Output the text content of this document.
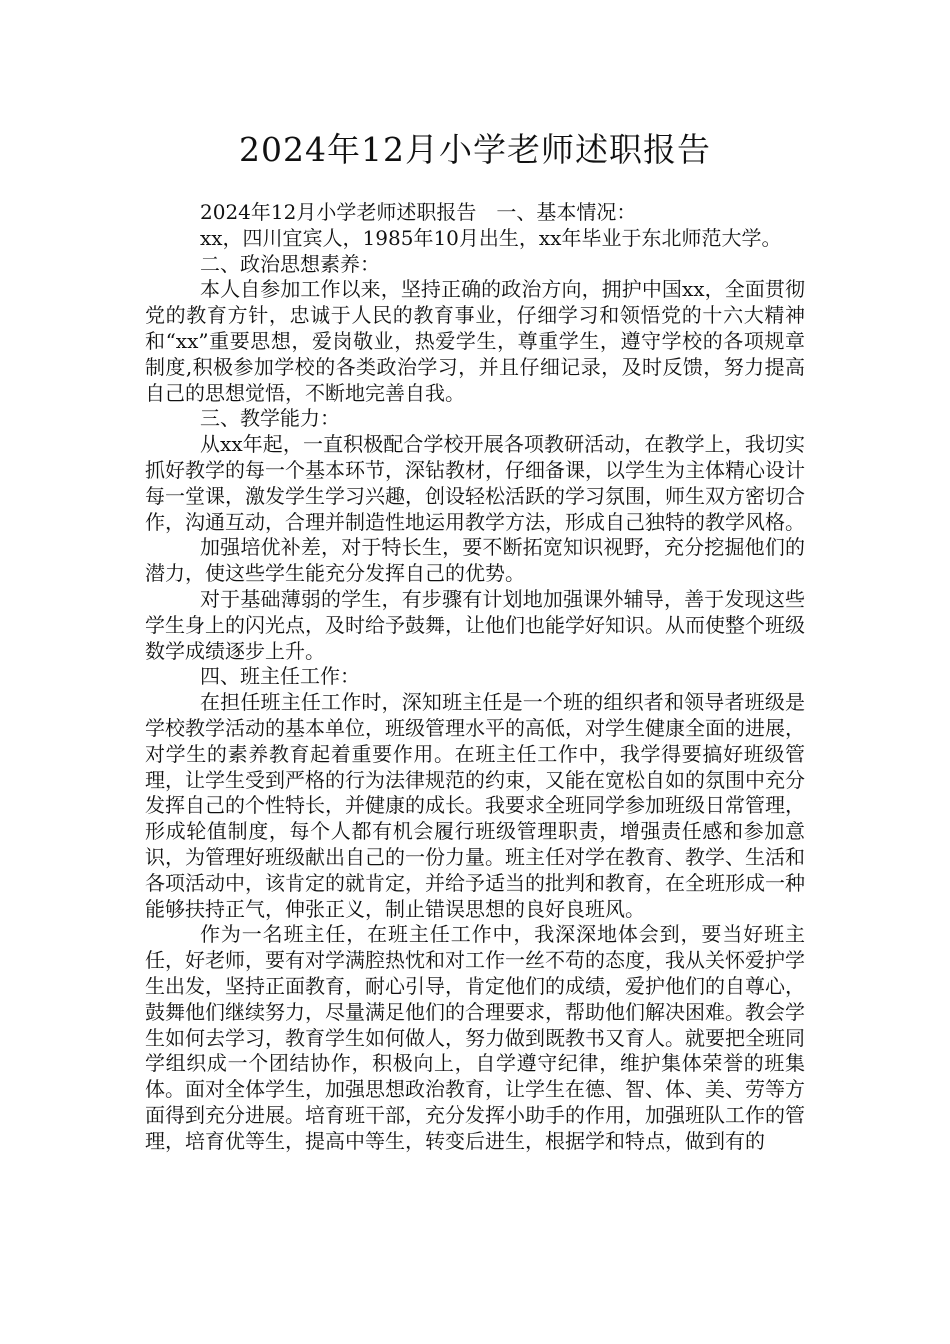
2024年12月小学老师述职报告

2024年12月小学老师述职报告　一、基本情况：

xx，四川宜宾人，1985年10月出生，xx年毕业于东北师范大学。

二、政治思想素养：

本人自参加工作以来，坚持正确的政治方向，拥护中国xx，全面贯彻党的教育方针，忠诚于人民的教育事业，仔细学习和领悟党的十六大精神和“xx”重要思想，爱岗敬业，热爱学生，尊重学生，遵守学校的各项规章制度,积极参加学校的各类政治学习，并且仔细记录，及时反馈，努力提高自己的思想觉悟，不断地完善自我。

三、教学能力：

从xx年起，一直积极配合学校开展各项教研活动，在教学上，我切实抓好教学的每一个基本环节，深钻教材，仔细备课，以学生为主体精心设计每一堂课，激发学生学习兴趣，创设轻松活跃的学习氛围，师生双方密切合作，沟通互动，合理并制造性地运用教学方法，形成自己独特的教学风格。

加强培优补差，对于特长生，要不断拓宽知识视野，充分挖掘他们的潜力，使这些学生能充分发挥自己的优势。

对于基础薄弱的学生，有步骤有计划地加强课外辅导，善于发现这些学生身上的闪光点，及时给予鼓舞，让他们也能学好知识。从而使整个班级数学成绩逐步上升。

四、班主任工作：

在担任班主任工作时，深知班主任是一个班的组织者和领导者班级是学校教学活动的基本单位，班级管理水平的高低，对学生健康全面的进展，对学生的素养教育起着重要作用。在班主任工作中，我学得要搞好班级管理，让学生受到严格的行为法律规范的约束，又能在宽松自如的氛围中充分发挥自己的个性特长，并健康的成长。我要求全班同学参加班级日常管理，形成轮值制度，每个人都有机会履行班级管理职责，增强责任感和参加意识，为管理好班级献出自己的一份力量。班主任对学在教育、教学、生活和各项活动中，该肯定的就肯定，并给予适当的批判和教育，在全班形成一种能够扶持正气，伸张正义，制止错误思想的良好良班风。

作为一名班主任，在班主任工作中，我深深地体会到，要当好班主任，好老师，要有对学满腔热忱和对工作一丝不苟的态度，我从关怀爱护学生出发，坚持正面教育，耐心引导，肯定他们的成绩，爱护他们的自尊心，鼓舞他们继续努力，尽量满足他们的合理要求，帮助他们解决困难。教会学生如何去学习，教育学生如何做人，努力做到既教书又育人。就要把全班同学组织成一个团结协作，积极向上，自学遵守纪律，维护集体荣誉的班集体。面对全体学生，加强思想政治教育，让学生在德、智、体、美、劳等方面得到充分进展。培育班干部，充分发挥小助手的作用，加强班队工作的管理，培育优等生，提高中等生，转变后进生，根据学和特点，做到有的
